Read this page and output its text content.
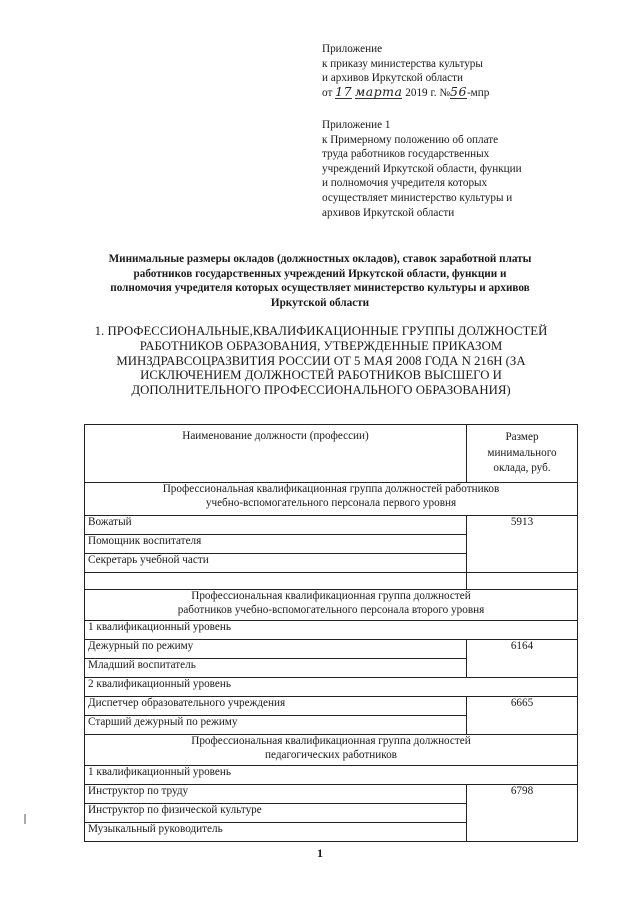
Приложение
к приказу министерства культуры
и архивов Иркутской области
от 17 марта 2019 г. №56-мпр
Приложение 1
к Примерному положению об оплате
труда работников государственных
учреждений Иркутской области, функции
и полномочия учредителя которых
осуществляет министерство культуры и
архивов Иркутской области
Минимальные размеры окладов (должностных окладов), ставок заработной платы
работников государственных учреждений Иркутской области, функции и
полномочия учредителя которых осуществляет министерство культуры и архивов
Иркутской области
1. ПРОФЕССИОНАЛЬНЫЕ,КВАЛИФИКАЦИОННЫЕ ГРУППЫ ДОЛЖНОСТЕЙ
РАБОТНИКОВ ОБРАЗОВАНИЯ, УТВЕРЖДЕННЫЕ ПРИКАЗОМ
МИНЗДРАВСОЦРАЗВИТИЯ РОССИИ ОТ 5 МАЯ 2008 ГОДА N 216Н (ЗА
ИСКЛЮЧЕНИЕМ ДОЛЖНОСТЕЙ РАБОТНИКОВ ВЫСШЕГО И
ДОПОЛНИТЕЛЬНОГО ПРОФЕССИОНАЛЬНОГО ОБРАЗОВАНИЯ)
Наименование должности (профессии)	Размер
минимального
оклада, руб.

Профессиональная квалификационная группа должностей работников
учебно-вспомогательного персонала первого уровня	

Вожатый	5913
Помощник воспитателя	
Секретарь учебной части	

Профессиональная квалификационная группа должностей
работников учебно-вспомогательного персонала второго уровня	

1 квалификационный уровень	
Дежурный по режиму	6164
Младший воспитатель	
2 квалификационный уровень	
Диспетчер образовательного учреждения	6665
Старший дежурный по режиму	

Профессиональная квалификационная группа должностей
педагогических работников	

1 квалификационный уровень	
Инструктор по труду	6798
Инструктор по физической культуре	
Музыкальный руководитель	
1
